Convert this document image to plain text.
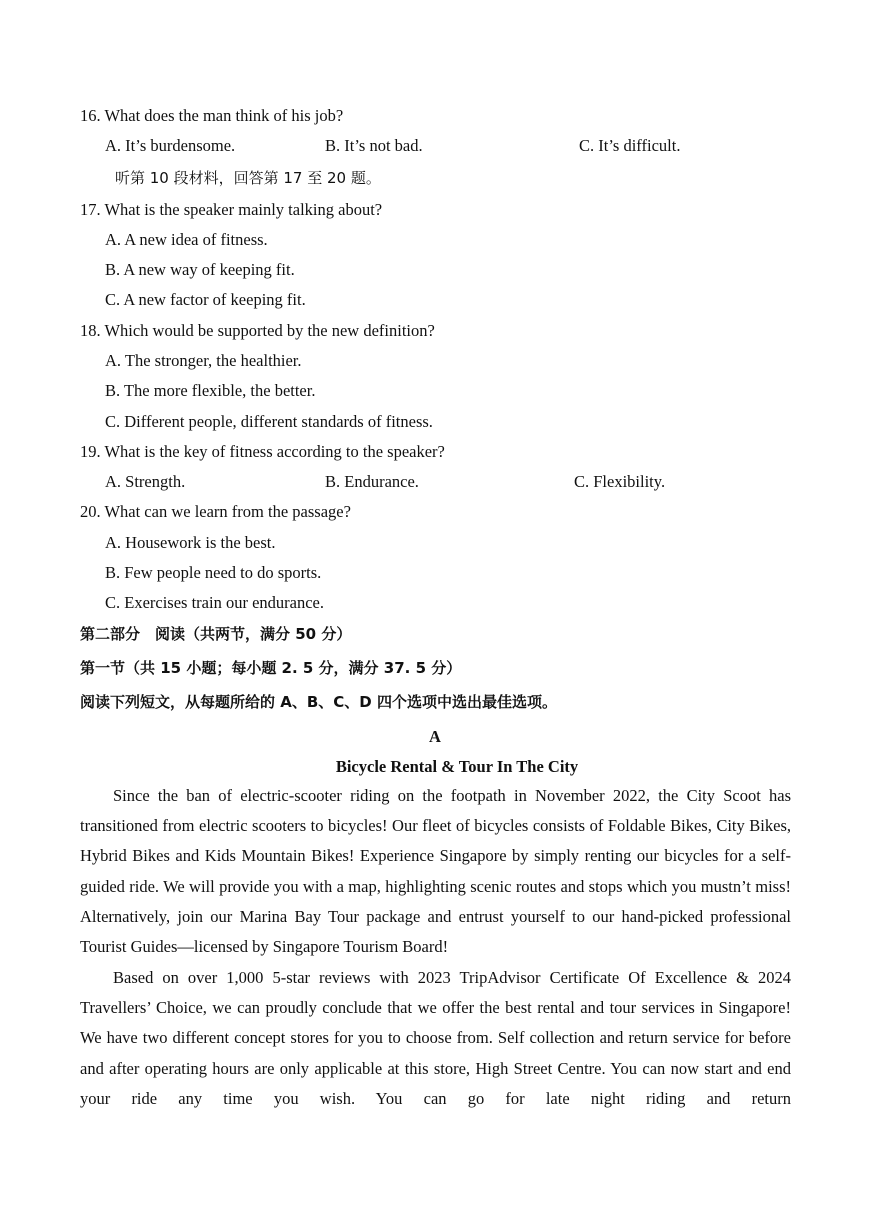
16. What does the man think of his job?
A. It’s burdensome.	B. It’s not bad.	C. It’s difficult.
听第 10 段材料，回答第 17 至 20 题。
17. What is the speaker mainly talking about?
A. A new idea of fitness.
B. A new way of keeping fit.
C. A new factor of keeping fit.
18. Which would be supported by the new definition?
A. The stronger, the healthier.
B. The more flexible, the better.
C. Different people, different standards of fitness.
19. What is the key of fitness according to the speaker?
A. Strength.	B. Endurance.	C. Flexibility.
20. What can we learn from the passage?
A. Housework is the best.
B. Few people need to do sports.
C. Exercises train our endurance.
第二部分　阅读（共两节，满分 50 分）
第一节（共 15 小题；每小题 2. 5 分，满分 37. 5 分）
阅读下列短文，从每题所给的 A、B、C、D 四个选项中选出最佳选项。
A
Bicycle Rental & Tour In The City

Since the ban of electric-scooter riding on the footpath in November 2022, the City Scoot has transitioned from electric scooters to bicycles! Our fleet of bicycles consists of Foldable Bikes, City Bikes, Hybrid Bikes and Kids Mountain Bikes! Experience Singapore by simply renting our bicycles for a self-guided ride. We will provide you with a map, highlighting scenic routes and stops which you mustn’t miss! Alternatively, join our Marina Bay Tour package and entrust yourself to our hand-picked professional Tourist Guides—licensed by Singapore Tourism Board!

Based on over 1,000 5-star reviews with 2023 TripAdvisor Certificate Of Excellence & 2024 Travellers’ Choice, we can proudly conclude that we offer the best rental and tour services in Singapore! We have two different concept stores for you to choose from. Self collection and return service for before and after operating hours are only applicable at this store, High Street Centre. You can now start and end your ride any time you wish. You can go for late night riding and return
